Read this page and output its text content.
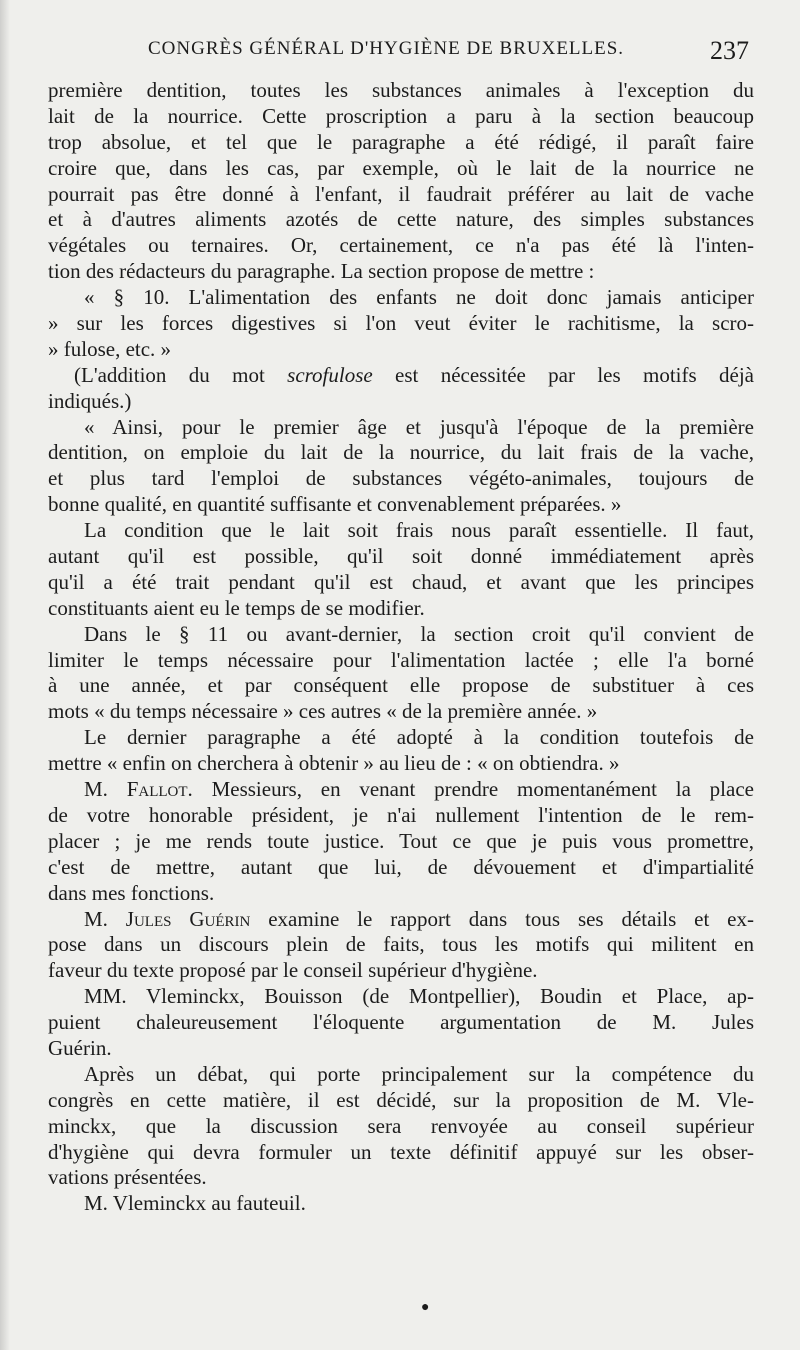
CONGRÈS GÉNÉRAL D'HYGIÈNE DE BRUXELLES.	237
première dentition, toutes les substances animales à l'exception du
lait de la nourrice. Cette proscription a paru à la section beaucoup
trop absolue, et tel que le paragraphe a été rédigé, il paraît faire
croire que, dans les cas, par exemple, où le lait de la nourrice ne
pourrait pas être donné à l'enfant, il faudrait préférer au lait de vache
et à d'autres aliments azotés de cette nature, des simples substances
végétales ou ternaires. Or, certainement, ce n'a pas été là l'inten-
tion des rédacteurs du paragraphe. La section propose de mettre :
« § 10. L'alimentation des enfants ne doit donc jamais anticiper
» sur les forces digestives si l'on veut éviter le rachitisme, la scro-
» fulose, etc. »
(L'addition du mot scrofulose est nécessitée par les motifs déjà
indiqués.)
« Ainsi, pour le premier âge et jusqu'à l'époque de la première
dentition, on emploie du lait de la nourrice, du lait frais de la vache,
et plus tard l'emploi de substances végéto-animales, toujours de
bonne qualité, en quantité suffisante et convenablement préparées. »
La condition que le lait soit frais nous paraît essentielle. Il faut,
autant qu'il est possible, qu'il soit donné immédiatement après
qu'il a été trait pendant qu'il est chaud, et avant que les principes
constituants aient eu le temps de se modifier.
Dans le § 11 ou avant-dernier, la section croit qu'il convient de
limiter le temps nécessaire pour l'alimentation lactée ; elle l'a borné
à une année, et par conséquent elle propose de substituer à ces
mots « du temps nécessaire » ces autres « de la première année. »
Le dernier paragraphe a été adopté à la condition toutefois de
mettre « enfin on cherchera à obtenir » au lieu de : « on obtiendra. »
M. Fallot. Messieurs, en venant prendre momentanément la place
de votre honorable président, je n'ai nullement l'intention de le rem-
placer ; je me rends toute justice. Tout ce que je puis vous promettre,
c'est de mettre, autant que lui, de dévouement et d'impartialité
dans mes fonctions.
M. Jules Guérin examine le rapport dans tous ses détails et ex-
pose dans un discours plein de faits, tous les motifs qui militent en
faveur du texte proposé par le conseil supérieur d'hygiène.
MM. Vleminckx, Bouisson (de Montpellier), Boudin et Place, ap-
puient chaleureusement l'éloquente argumentation de M. Jules
Guérin.
Après un débat, qui porte principalement sur la compétence du
congrès en cette matière, il est décidé, sur la proposition de M. Vle-
minckx, que la discussion sera renvoyée au conseil supérieur
d'hygiène qui devra formuler un texte définitif appuyé sur les obser-
vations présentées.
M. Vleminckx au fauteuil.
●
